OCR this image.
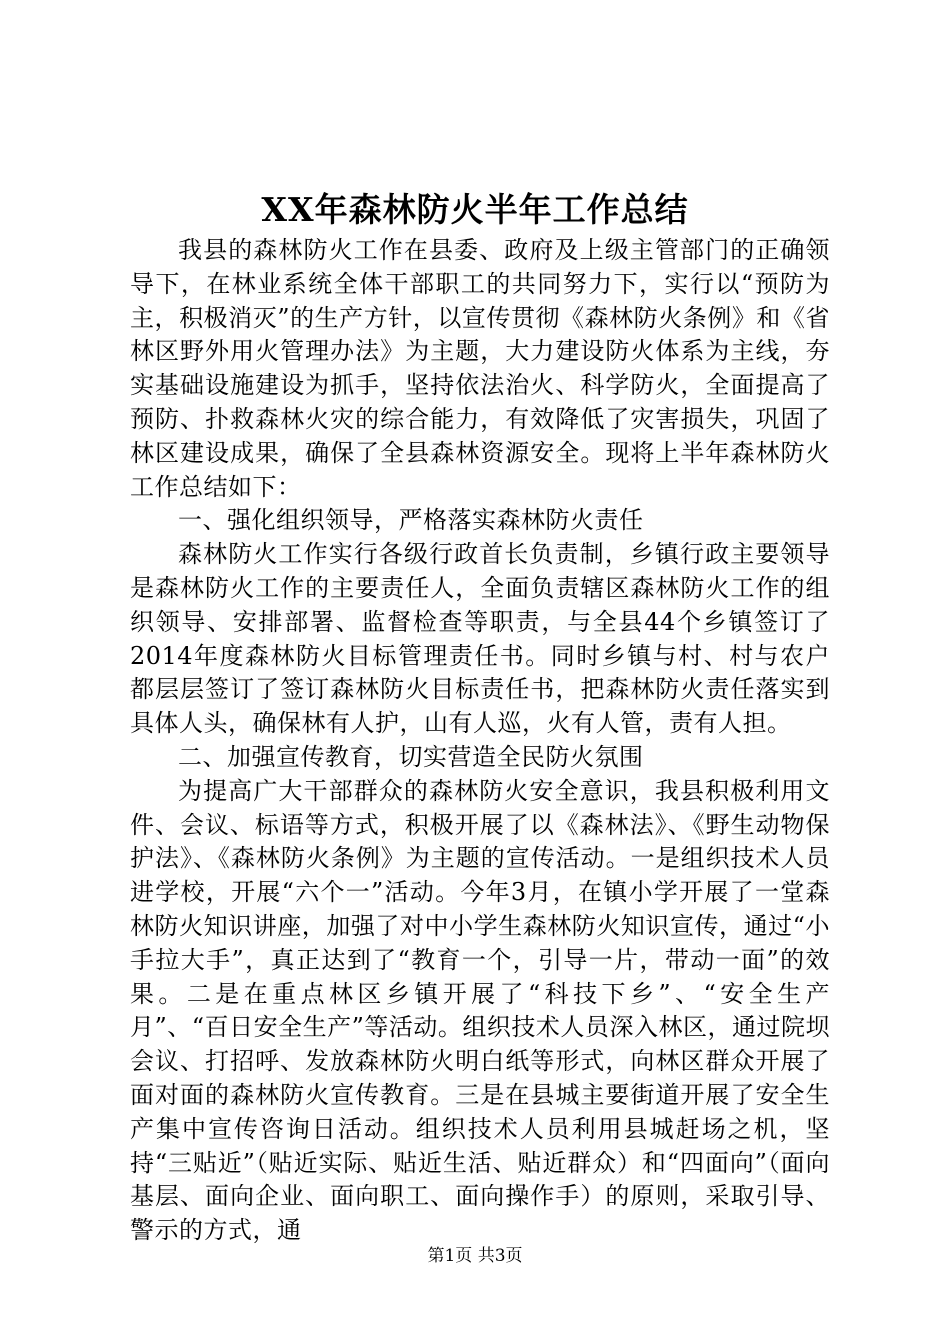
XX年森林防火半年工作总结

我县的森林防火工作在县委、政府及上级主管部门的正确领导下，在林业系统全体干部职工的共同努力下，实行以“预防为主，积极消灭”的生产方针，以宣传贯彻《森林防火条例》和《省林区野外用火管理办法》为主题，大力建设防火体系为主线，夯实基础设施建设为抓手，坚持依法治火、科学防火，全面提高了预防、扑救森林火灾的综合能力，有效降低了灾害损失，巩固了林区建设成果，确保了全县森林资源安全。现将上半年森林防火工作总结如下：

一、强化组织领导，严格落实森林防火责任

森林防火工作实行各级行政首长负责制，乡镇行政主要领导是森林防火工作的主要责任人，全面负责辖区森林防火工作的组织领导、安排部署、监督检查等职责，与全县44个乡镇签订了2014年度森林防火目标管理责任书。同时乡镇与村、村与农户都层层签订了签订森林防火目标责任书，把森林防火责任落实到具体人头，确保林有人护，山有人巡，火有人管，责有人担。

二、加强宣传教育，切实营造全民防火氛围

为提高广大干部群众的森林防火安全意识，我县积极利用文件、会议、标语等方式，积极开展了以《森林法》、《野生动物保护法》、《森林防火条例》为主题的宣传活动。一是组织技术人员进学校，开展“六个一”活动。今年3月，在镇小学开展了一堂森林防火知识讲座，加强了对中小学生森林防火知识宣传，通过“小手拉大手”，真正达到了“教育一个，引导一片，带动一面”的效果。二是在重点林区乡镇开展了“科技下乡”、“安全生产月”、“百日安全生产”等活动。组织技术人员深入林区，通过院坝会议、打招呼、发放森林防火明白纸等形式，向林区群众开展了面对面的森林防火宣传教育。三是在县城主要街道开展了安全生产集中宣传咨询日活动。组织技术人员利用县城赶场之机，坚持“三贴近”（贴近实际、贴近生活、贴近群众）和“四面向”（面向基层、面向企业、面向职工、面向操作手）的原则，采取引导、警示的方式，通

第1页 共3页
